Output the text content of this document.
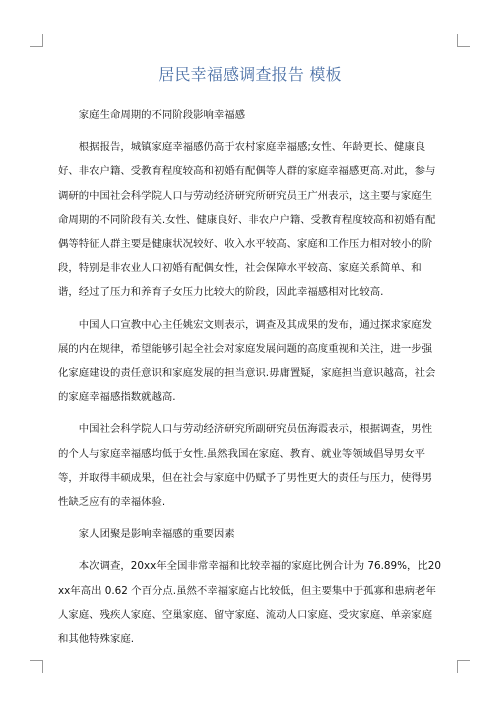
居民幸福感调查报告 模板

家庭生命周期的不同阶段影响幸福感

根据报告，城镇家庭幸福感仍高于农村家庭幸福感;女性、年龄更长、健康良好、非农户籍、受教育程度较高和初婚有配偶等人群的家庭幸福感更高.对此，参与调研的中国社会科学院人口与劳动经济研究所研究员王广州表示，这主要与家庭生命周期的不同阶段有关.女性、健康良好、非农户户籍、受教育程度较高和初婚有配偶等特征人群主要是健康状况较好、收入水平较高、家庭和工作压力相对较小的阶段，特别是非农业人口初婚有配偶女性，社会保障水平较高、家庭关系简单、和谐，经过了压力和养育子女压力比较大的阶段，因此幸福感相对比较高.

中国人口宣教中心主任姚宏文则表示，调查及其成果的发布，通过探求家庭发展的内在规律，希望能够引起全社会对家庭发展问题的高度重视和关注，进一步强化家庭建设的责任意识和家庭发展的担当意识.毋庸置疑，家庭担当意识越高，社会的家庭幸福感指数就越高.

中国社会科学院人口与劳动经济研究所副研究员伍海霞表示，根据调查，男性的个人与家庭幸福感均低于女性.虽然我国在家庭、教育、就业等领域倡导男女平等，并取得丰硕成果，但在社会与家庭中仍赋予了男性更大的责任与压力，使得男性缺乏应有的幸福体验.

家人团聚是影响幸福感的重要因素

本次调查，20xx年全国非常幸福和比较幸福的家庭比例合计为 76.89%，比20xx年高出 0.62 个百分点.虽然不幸福家庭占比较低，但主要集中于孤寡和患病老年人家庭、残疾人家庭、空巢家庭、留守家庭、流动人口家庭、受灾家庭、单亲家庭和其他特殊家庭.
